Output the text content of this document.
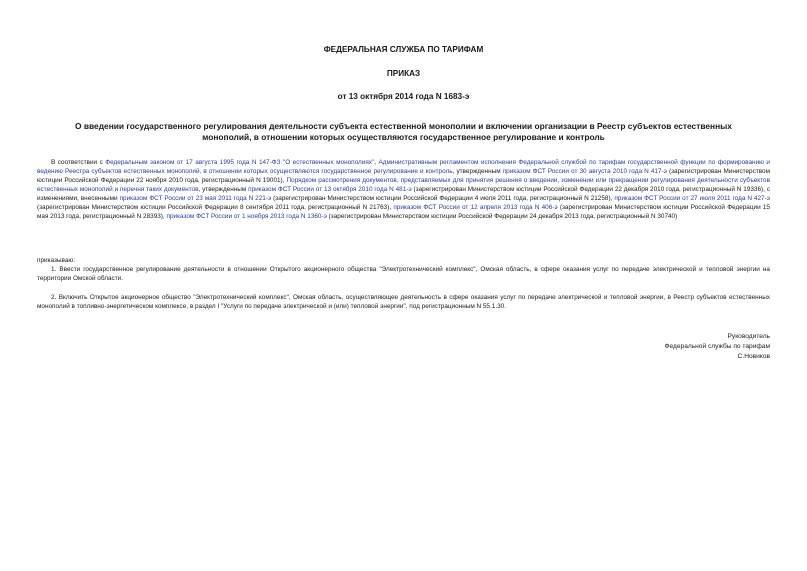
ФЕДЕРАЛЬНАЯ СЛУЖБА ПО ТАРИФАМ
ПРИКАЗ
от 13 октября 2014 года N 1683-э
О введении государственного регулирования деятельности субъекта естественной монополии и включении организации в Реестр субъектов естественных монополий, в отношении которых осуществляются государственное регулирование и контроль
В соответствии с Федеральным законом от 17 августа 1995 года N 147-ФЗ "О естественных монополиях", Административным регламентом исполнения Федеральной службой по тарифам государственной функции по формированию и ведению Реестра субъектов естественных монополий, в отношении которых осуществляются государственное регулирование и контроль, утвержденным приказом ФСТ России от 30 августа 2010 года N 417-э (зарегистрирован Министерством юстиции Российской Федерации 22 ноября 2010 года, регистрационный N 19001), Порядком рассмотрения документов, представляемых для принятия решения о введении, изменении или прекращении регулирования деятельности субъектов естественных монополий и перечня таких документов, утвержденным приказом ФСТ России от 13 октября 2010 года N 481-э (зарегистрирован Министерством юстиции Российской Федерации 22 декабря 2010 года, регистрационный N 19336), с изменениями, внесенными приказом ФСТ России от 23 мая 2011 года N 221-э (зарегистрирован Министерством юстиции Российской Федерации 4 июля 2011 года, регистрационный N 21258), приказом ФСТ России от 27 июля 2011 года N 427-э (зарегистрирован Министерством юстиции Российской Федерации 8 сентября 2011 года, регистрационный N 21763), приказом ФСТ России от 12 апреля 2013 года N 406-э (зарегистрирован Министерством юстиции Российской Федерации 15 мая 2013 года, регистрационный N 28393), приказом ФСТ России от 1 ноября 2013 года N 1360-э (зарегистрирован Министерством юстиции Российской Федерации 24 декабря 2013 года, регистрационный N 30740)
приказываю:
1. Ввести государственное регулирование деятельности в отношении Открытого акционерного общества "Электротехнический комплекс", Омская область, в сфере оказания услуг по передаче электрической и тепловой энергии на территории Омской области.
2. Включить Открытое акционерное общество "Электротехнический комплекс", Омская область, осуществляющее деятельность в сфере оказания услуг по передаче электрической и тепловой энергии, в Реестр субъектов естественных монополий в топливно-энергетическом комплексе, в раздел I "Услуги по передаче электрической и (или) тепловой энергии", под регистрационным N 55.1.30.
Руководитель
Федеральной службы по тарифам
С.Новиков
